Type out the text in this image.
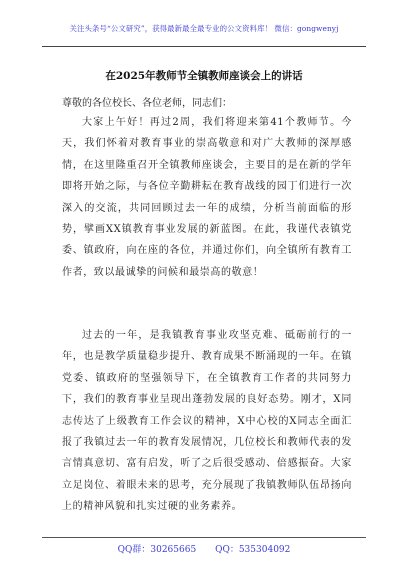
关注头条号“公文研究”，获得最新最全最专业的公文资料库！ 微信：gongwenyj
在2025年教师节全镇教师座谈会上的讲话
尊敬的各位校长、各位老师，同志们：
大家上午好！再过2周，我们将迎来第41个教师节。今天，我们怀着对教育事业的崇高敬意和对广大教师的深厚感情，在这里隆重召开全镇教师座谈会，主要目的是在新的学年即将开始之际，与各位辛勤耕耘在教育战线的园丁们进行一次深入的交流，共同回顾过去一年的成绩，分析当前面临的形势，擘画XX镇教育事业发展的新蓝图。在此，我谨代表镇党委、镇政府，向在座的各位，并通过你们，向全镇所有教育工作者，致以最诚挚的问候和最崇高的敬意！
过去的一年，是我镇教育事业攻坚克难、砥砺前行的一年，也是教学质量稳步提升、教育成果不断涌现的一年。在镇党委、镇政府的坚强领导下，在全镇教育工作者的共同努力下，我们的教育事业呈现出蓬勃发展的良好态势。刚才，X同志传达了上级教育工作会议的精神，X中心校的X同志全面汇报了我镇过去一年的教育发展情况，几位校长和教师代表的发言情真意切、富有启发，听了之后很受感动、倍感振奋。大家立足岗位、着眼未来的思考，充分展现了我镇教师队伍昂扬向上的精神风貌和扎实过硬的业务素养。
QQ群：30265665 QQ：535304092
